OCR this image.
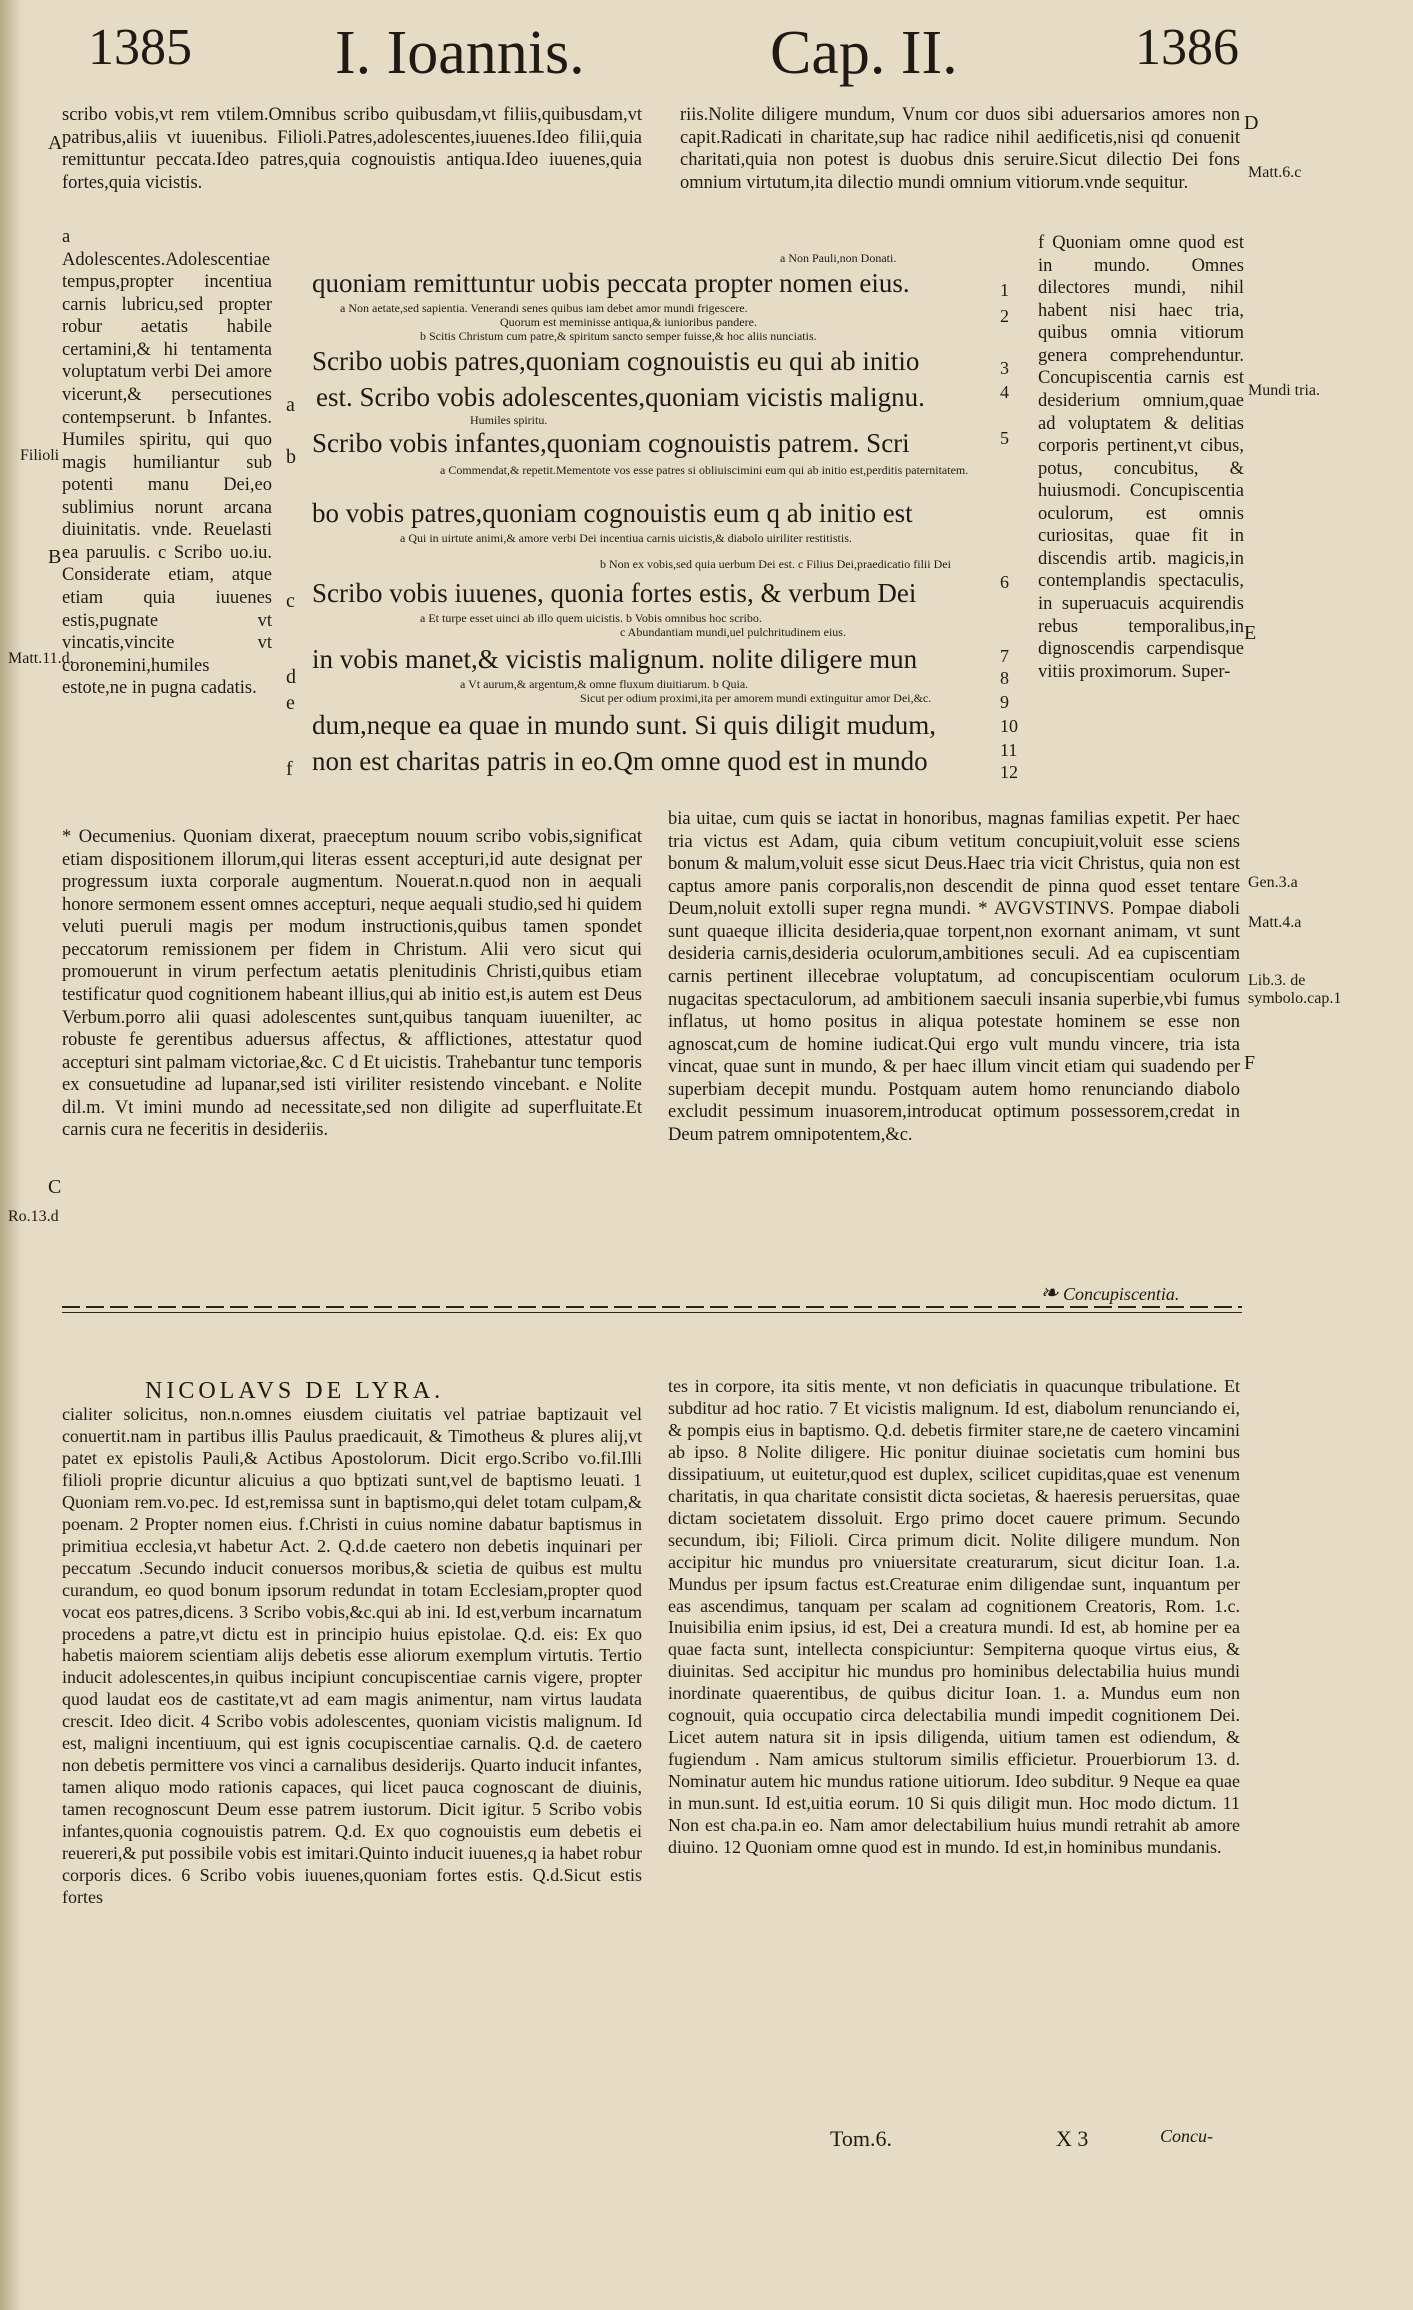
1385 I. Ioannis.	Cap. II.	1386

scribo vobis,vt rem vtilem.Omnibus scribo quibusdam,vt filiis,quibusdam,vt patribus,aliis vt iuuenibus. Filioli.Patres,adolescentes,iuuenes.Ideo filii,quia remittuntur peccata.Ideo patres,quia cognouistis antiqua.Ideo iuuenes,quia fortes,quia vicistis.

riis.Nolite diligere mundum, Vnum cor duos sibi aduersarios amores non capit.Radicati in charitate,sup hac radice nihil aedificetis,nisi qd conuenit charitati,quia non potest is duobus dnis seruire.Sicut dilectio Dei fons omnium virtutum,ita dilectio mundi omnium vitiorum.vnde sequitur.

a Adolescentes.Adolescentiae tempus,propter incentiua carnis lubricu,sed propter robur aetatis habile certamini,& hi tentamenta voluptatum verbi Dei amore vicerunt,& persecutiones contempserunt. b Infantes. Humiles spiritu, qui quo magis humiliantur sub potenti manu Dei,eo sublimius norunt arcana diuinitatis. vnde. Reuelasti ea paruulis. c Scribo uo.iu. Considerate etiam, atque etiam quia iuuenes estis,pugnate vt vincatis,vincite vt coronemini,humiles estote,ne in pugna cadatis.

f Quoniam omne quod est in mundo. Omnes dilectores mundi, nihil habent nisi haec tria, quibus omnia vitiorum genera comprehenduntur. Concupiscentia carnis est desiderium omnium,quae ad voluptatem & delitias corporis pertinent,vt cibus, potus, concubitus, & huiusmodi. Concupiscentia oculorum, est omnis curiositas, quae fit in discendis artib. magicis,in contemplandis spectaculis, in superuacuis acquirendis rebus temporalibus,in dignoscendis carpendisque vitiis proximorum. Super-

a Non Pauli,non Donati.
quoniam remittuntur uobis peccata propter nomen eius.
a Non aetate,sed sapientia. Venerandi senes quibus iam debet amor mundi frigescere.
Quorum est meminisse antiqua,& iunioribus pandere.
b Scitis Christum cum patre,& spiritum sancto semper fuisse,& hoc aliis nunciatis.
Scribo uobis patres,quoniam cognouistis eu qui ab initio
est. Scribo vobis adolescentes,quoniam vicistis malignu.
Humiles spiritu.
Scribo vobis infantes,quoniam cognouistis patrem. Scri
a Commendat,& repetit.Mementote vos esse patres si obliuiscimini eum qui ab initio est,perditis paternitatem.
bo vobis patres,quoniam cognouistis eum q ab initio est
a Qui in uirtute animi,& amore verbi Dei incentiua carnis uicistis,& diabolo uiriliter restitistis.
b Non ex vobis,sed quia uerbum Dei est. c Filius Dei,praedicatio filii Dei
Scribo vobis iuuenes, quonia fortes estis, & verbum Dei
a Et turpe esset uinci ab illo quem uicistis. b Vobis omnibus hoc scribo.
c Abundantiam mundi,uel pulchritudinem eius.
in vobis manet,& vicistis malignum. nolite diligere mun
a Vt aurum,& argentum,& omne fluxum diuitiarum. b Quia.
Sicut per odium proximi,ita per amorem mundi extinguitur amor Dei,&c.
dum,neque ea quae in mundo sunt. Si quis diligit mudum,
non est charitas patris in eo.Qm omne quod est in mundo
1
2
3
4
5
6
7
8
9
10
11
12
a
b
c
d
e
f

* Oecumenius. Quoniam dixerat, praeceptum nouum scribo vobis,significat etiam dispositionem illorum,qui literas essent accepturi,id aute designat per progressum iuxta corporale augmentum. Nouerat.n.quod non in aequali honore sermonem essent omnes accepturi, neque aequali studio,sed hi quidem veluti pueruli magis per modum instructionis,quibus tamen spondet peccatorum remissionem per fidem in Christum. Alii vero sicut qui promouerunt in virum perfectum aetatis plenitudinis Christi,quibus etiam testificatur quod cognitionem habeant illius,qui ab initio est,is autem est Deus Verbum.porro alii quasi adolescentes sunt,quibus tanquam iuuenilter, ac robuste fe gerentibus aduersus affectus, & afflictiones, attestatur quod accepturi sint palmam victoriae,&c. C d Et uicistis. Trahebantur tunc temporis ex consuetudine ad lupanar,sed isti viriliter resistendo vincebant. e Nolite dil.m. Vt imini mundo ad necessitate,sed non diligite ad superfluitate.Et carnis cura ne feceritis in desideriis.

bia uitae, cum quis se iactat in honoribus, magnas familias expetit. Per haec tria victus est Adam, quia cibum vetitum concupiuit,voluit esse sciens bonum & malum,voluit esse sicut Deus.Haec tria vicit Christus, quia non est captus amore panis corporalis,non descendit de pinna quod esset tentare Deum,noluit extolli super regna mundi. * AVGVSTINVS. Pompae diaboli sunt quaeque illicita desideria,quae torpent,non exornant animam, vt sunt desideria carnis,desideria oculorum,ambitiones seculi. Ad ea cupiscentiam carnis pertinent illecebrae voluptatum, ad concupiscentiam oculorum nugacitas spectaculorum, ad ambitionem saeculi insania superbie,vbi fumus inflatus, ut homo positus in aliqua potestate hominem se esse non agnoscat,cum de homine iudicat.Qui ergo vult mundu vincere, tria ista vincat, quae sunt in mundo, & per haec illum vincit etiam qui suadendo per superbiam decepit mundu. Postquam autem homo renunciando diabolo excludit pessimum inuasorem,introducat optimum possessorem,credat in Deum patrem omnipotentem,&c.

❧ Concupiscentia.
Filioli
Matt.11.d.
Ro.13.d
A
B
C
Matt.6.c
Mundi tria.
Gen.3.a
Matt.4.a
Lib.3. de symbolo.cap.1
D
E
F
NICOLAVS DE LYRA.

cialiter solicitus, non.n.omnes eiusdem ciuitatis vel patriae baptizauit vel conuertit.nam in partibus illis Paulus praedicauit, & Timotheus & plures alij,vt patet ex epistolis Pauli,& Actibus Apostolorum. Dicit ergo.Scribo vo.fil.Illi filioli proprie dicuntur alicuius a quo bptizati sunt,vel de baptismo leuati. 1 Quoniam rem.vo.pec. Id est,remissa sunt in baptismo,qui delet totam culpam,& poenam. 2 Propter nomen eius. f.Christi in cuius nomine dabatur baptismus in primitiua ecclesia,vt habetur Act. 2. Q.d.de caetero non debetis inquinari per peccatum .Secundo inducit conuersos moribus,& scietia de quibus est multu curandum, eo quod bonum ipsorum redundat in totam Ecclesiam,propter quod vocat eos patres,dicens. 3 Scribo vobis,&c.qui ab ini. Id est,verbum incarnatum procedens a patre,vt dictu est in principio huius epistolae. Q.d. eis: Ex quo habetis maiorem scientiam alijs debetis esse aliorum exemplum virtutis. Tertio inducit adolescentes,in quibus incipiunt concupiscentiae carnis vigere, propter quod laudat eos de castitate,vt ad eam magis animentur, nam virtus laudata crescit. Ideo dicit. 4 Scribo vobis adolescentes, quoniam vicistis malignum. Id est, maligni incentiuum, qui est ignis cocupiscentiae carnalis. Q.d. de caetero non debetis permittere vos vinci a carnalibus desiderijs. Quarto inducit infantes, tamen aliquo modo rationis capaces, qui licet pauca cognoscant de diuinis, tamen recognoscunt Deum esse patrem iustorum. Dicit igitur. 5 Scribo vobis infantes,quonia cognouistis patrem. Q.d. Ex quo cognouistis eum debetis ei reuereri,& put possibile vobis est imitari.Quinto inducit iuuenes,q ia habet robur corporis dices. 6 Scribo vobis iuuenes,quoniam fortes estis. Q.d.Sicut estis fortes

tes in corpore, ita sitis mente, vt non deficiatis in quacunque tribulatione. Et subditur ad hoc ratio. 7 Et vicistis malignum. Id est, diabolum renunciando ei, & pompis eius in baptismo. Q.d. debetis firmiter stare,ne de caetero vincamini ab ipso. 8 Nolite diligere. Hic ponitur diuinae societatis cum homini bus dissipatiuum, ut euitetur,quod est duplex, scilicet cupiditas,quae est venenum charitatis, in qua charitate consistit dicta societas, & haeresis peruersitas, quae dictam societatem dissoluit. Ergo primo docet cauere primum. Secundo secundum, ibi; Filioli. Circa primum dicit. Nolite diligere mundum. Non accipitur hic mundus pro vniuersitate creaturarum, sicut dicitur Ioan. 1.a. Mundus per ipsum factus est.Creaturae enim diligendae sunt, inquantum per eas ascendimus, tanquam per scalam ad cognitionem Creatoris, Rom. 1.c. Inuisibilia enim ipsius, id est, Dei a creatura mundi. Id est, ab homine per ea quae facta sunt, intellecta conspiciuntur: Sempiterna quoque virtus eius, & diuinitas. Sed accipitur hic mundus pro hominibus delectabilia huius mundi inordinate quaerentibus, de quibus dicitur Ioan. 1. a. Mundus eum non cognouit, quia occupatio circa delectabilia mundi impedit cognitionem Dei. Licet autem natura sit in ipsis diligenda, uitium tamen est odiendum, & fugiendum . Nam amicus stultorum similis efficietur. Prouerbiorum 13. d. Nominatur autem hic mundus ratione uitiorum. Ideo subditur. 9 Neque ea quae in mun.sunt. Id est,uitia eorum. 10 Si quis diligit mun. Hoc modo dictum. 11 Non est cha.pa.in eo. Nam amor delectabilium huius mundi retrahit ab amore diuino. 12 Quoniam omne quod est in mundo. Id est,in hominibus mundanis.

Tom.6.	X 3	Concu-
